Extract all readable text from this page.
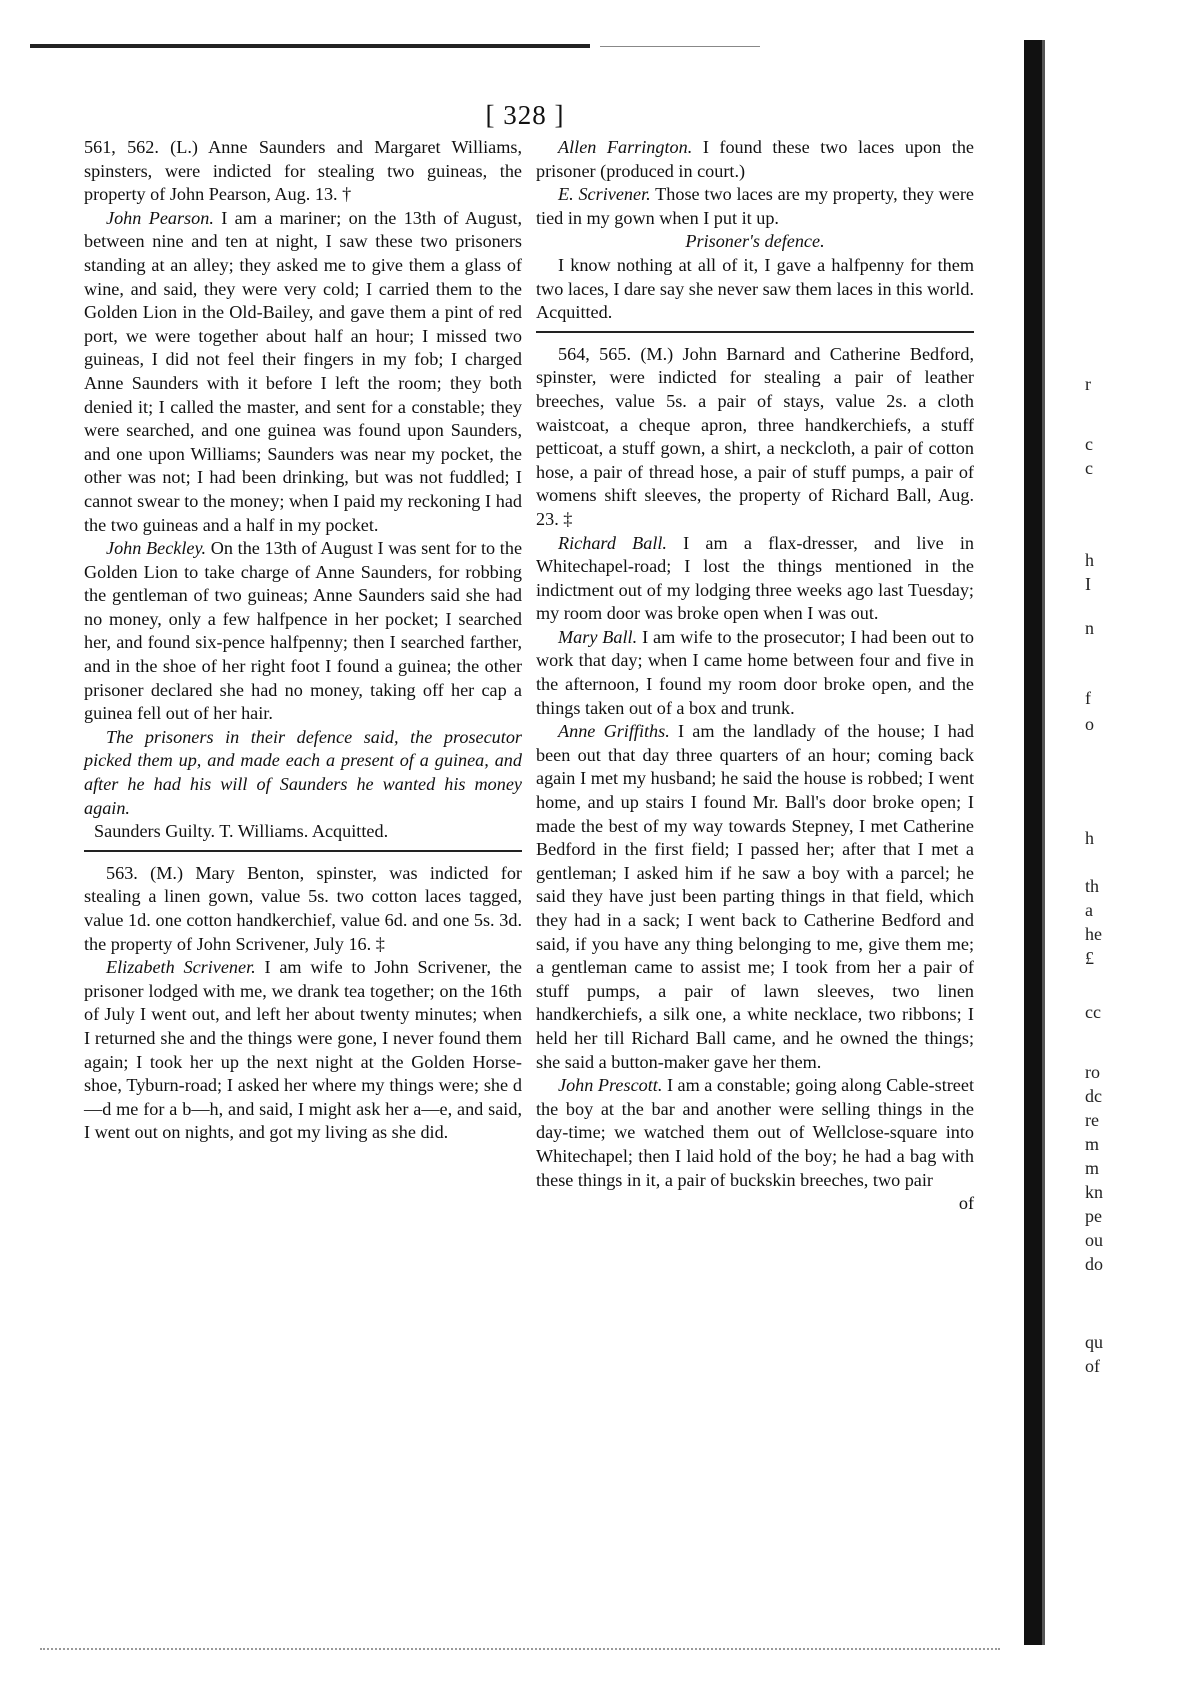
[ 328 ]

561, 562. (L.) Anne Saunders and Margaret Williams, spinsters, were indicted for stealing two guineas, the property of John Pearson, Aug. 13. †

John Pearson. I am a mariner; on the 13th of August, between nine and ten at night, I saw these two prisoners standing at an alley; they asked me to give them a glass of wine, and said, they were very cold; I carried them to the Golden Lion in the Old-Bailey, and gave them a pint of red port, we were together about half an hour; I missed two guineas, I did not feel their fingers in my fob; I charged Anne Saunders with it before I left the room; they both denied it; I called the master, and sent for a constable; they were searched, and one guinea was found upon Saunders, and one upon Williams; Saunders was near my pocket, the other was not; I had been drinking, but was not fuddled; I cannot swear to the money; when I paid my reckoning I had the two guineas and a half in my pocket.

John Beckley. On the 13th of August I was sent for to the Golden Lion to take charge of Anne Saunders, for robbing the gentleman of two guineas; Anne Saunders said she had no money, only a few halfpence in her pocket; I searched her, and found six-pence halfpenny; then I searched farther, and in the shoe of her right foot I found a guinea; the other prisoner declared she had no money, taking off her cap a guinea fell out of her hair.

The prisoners in their defence said, the prosecutor picked them up, and made each a present of a guinea, and after he had his will of Saunders he wanted his money again.

Saunders Guilty. T. Williams. Acquitted.

563. (M.) Mary Benton, spinster, was indicted for stealing a linen gown, value 5s. two cotton laces tagged, value 1d. one cotton handkerchief, value 6d. and one 5s. 3d. the property of John Scrivener, July 16. ‡

Elizabeth Scrivener. I am wife to John Scrivener, the prisoner lodged with me, we drank tea together; on the 16th of July I went out, and left her about twenty minutes; when I returned she and the things were gone, I never found them again; I took her up the next night at the Golden Horse-shoe, Tyburn-road; I asked her where my things were; she d—d me for a b—h, and said, I might ask her a—e, and said, I went out on nights, and got my living as she did.

Allen Farrington. I found these two laces upon the prisoner (produced in court.)

E. Scrivener. Those two laces are my property, they were tied in my gown when I put it up.

Prisoner's defence.

I know nothing at all of it, I gave a halfpenny for them two laces, I dare say she never saw them laces in this world. Acquitted.

564, 565. (M.) John Barnard and Catherine Bedford, spinster, were indicted for stealing a pair of leather breeches, value 5s. a pair of stays, value 2s. a cloth waistcoat, a cheque apron, three handkerchiefs, a stuff petticoat, a stuff gown, a shirt, a neckcloth, a pair of cotton hose, a pair of thread hose, a pair of stuff pumps, a pair of womens shift sleeves, the property of Richard Ball, Aug. 23. ‡

Richard Ball. I am a flax-dresser, and live in Whitechapel-road; I lost the things mentioned in the indictment out of my lodging three weeks ago last Tuesday; my room door was broke open when I was out.

Mary Ball. I am wife to the prosecutor; I had been out to work that day; when I came home between four and five in the afternoon, I found my room door broke open, and the things taken out of a box and trunk.

Anne Griffiths. I am the landlady of the house; I had been out that day three quarters of an hour; coming back again I met my husband; he said the house is robbed; I went home, and up stairs I found Mr. Ball's door broke open; I made the best of my way towards Stepney, I met Catherine Bedford in the first field; I passed her; after that I met a gentleman; I asked him if he saw a boy with a parcel; he said they have just been parting things in that field, which they had in a sack; I went back to Catherine Bedford and said, if you have any thing belonging to me, give them me; a gentleman came to assist me; I took from her a pair of stuff pumps, a pair of lawn sleeves, two linen handkerchiefs, a silk one, a white necklace, two ribbons; I held her till Richard Ball came, and he owned the things; she said a button-maker gave her them.

John Prescott. I am a constable; going along Cable-street the boy at the bar and another were selling things in the day-time; we watched them out of Wellclose-square into Whitechapel; then I laid hold of the boy; he had a bag with these things in it, a pair of buckskin breeches, two pair

of

r
c
c
h
I
n
f
o
h
th
a
he
£
cc
ro
dc
re
m
m
kn
pe
ou
do
qu
of
